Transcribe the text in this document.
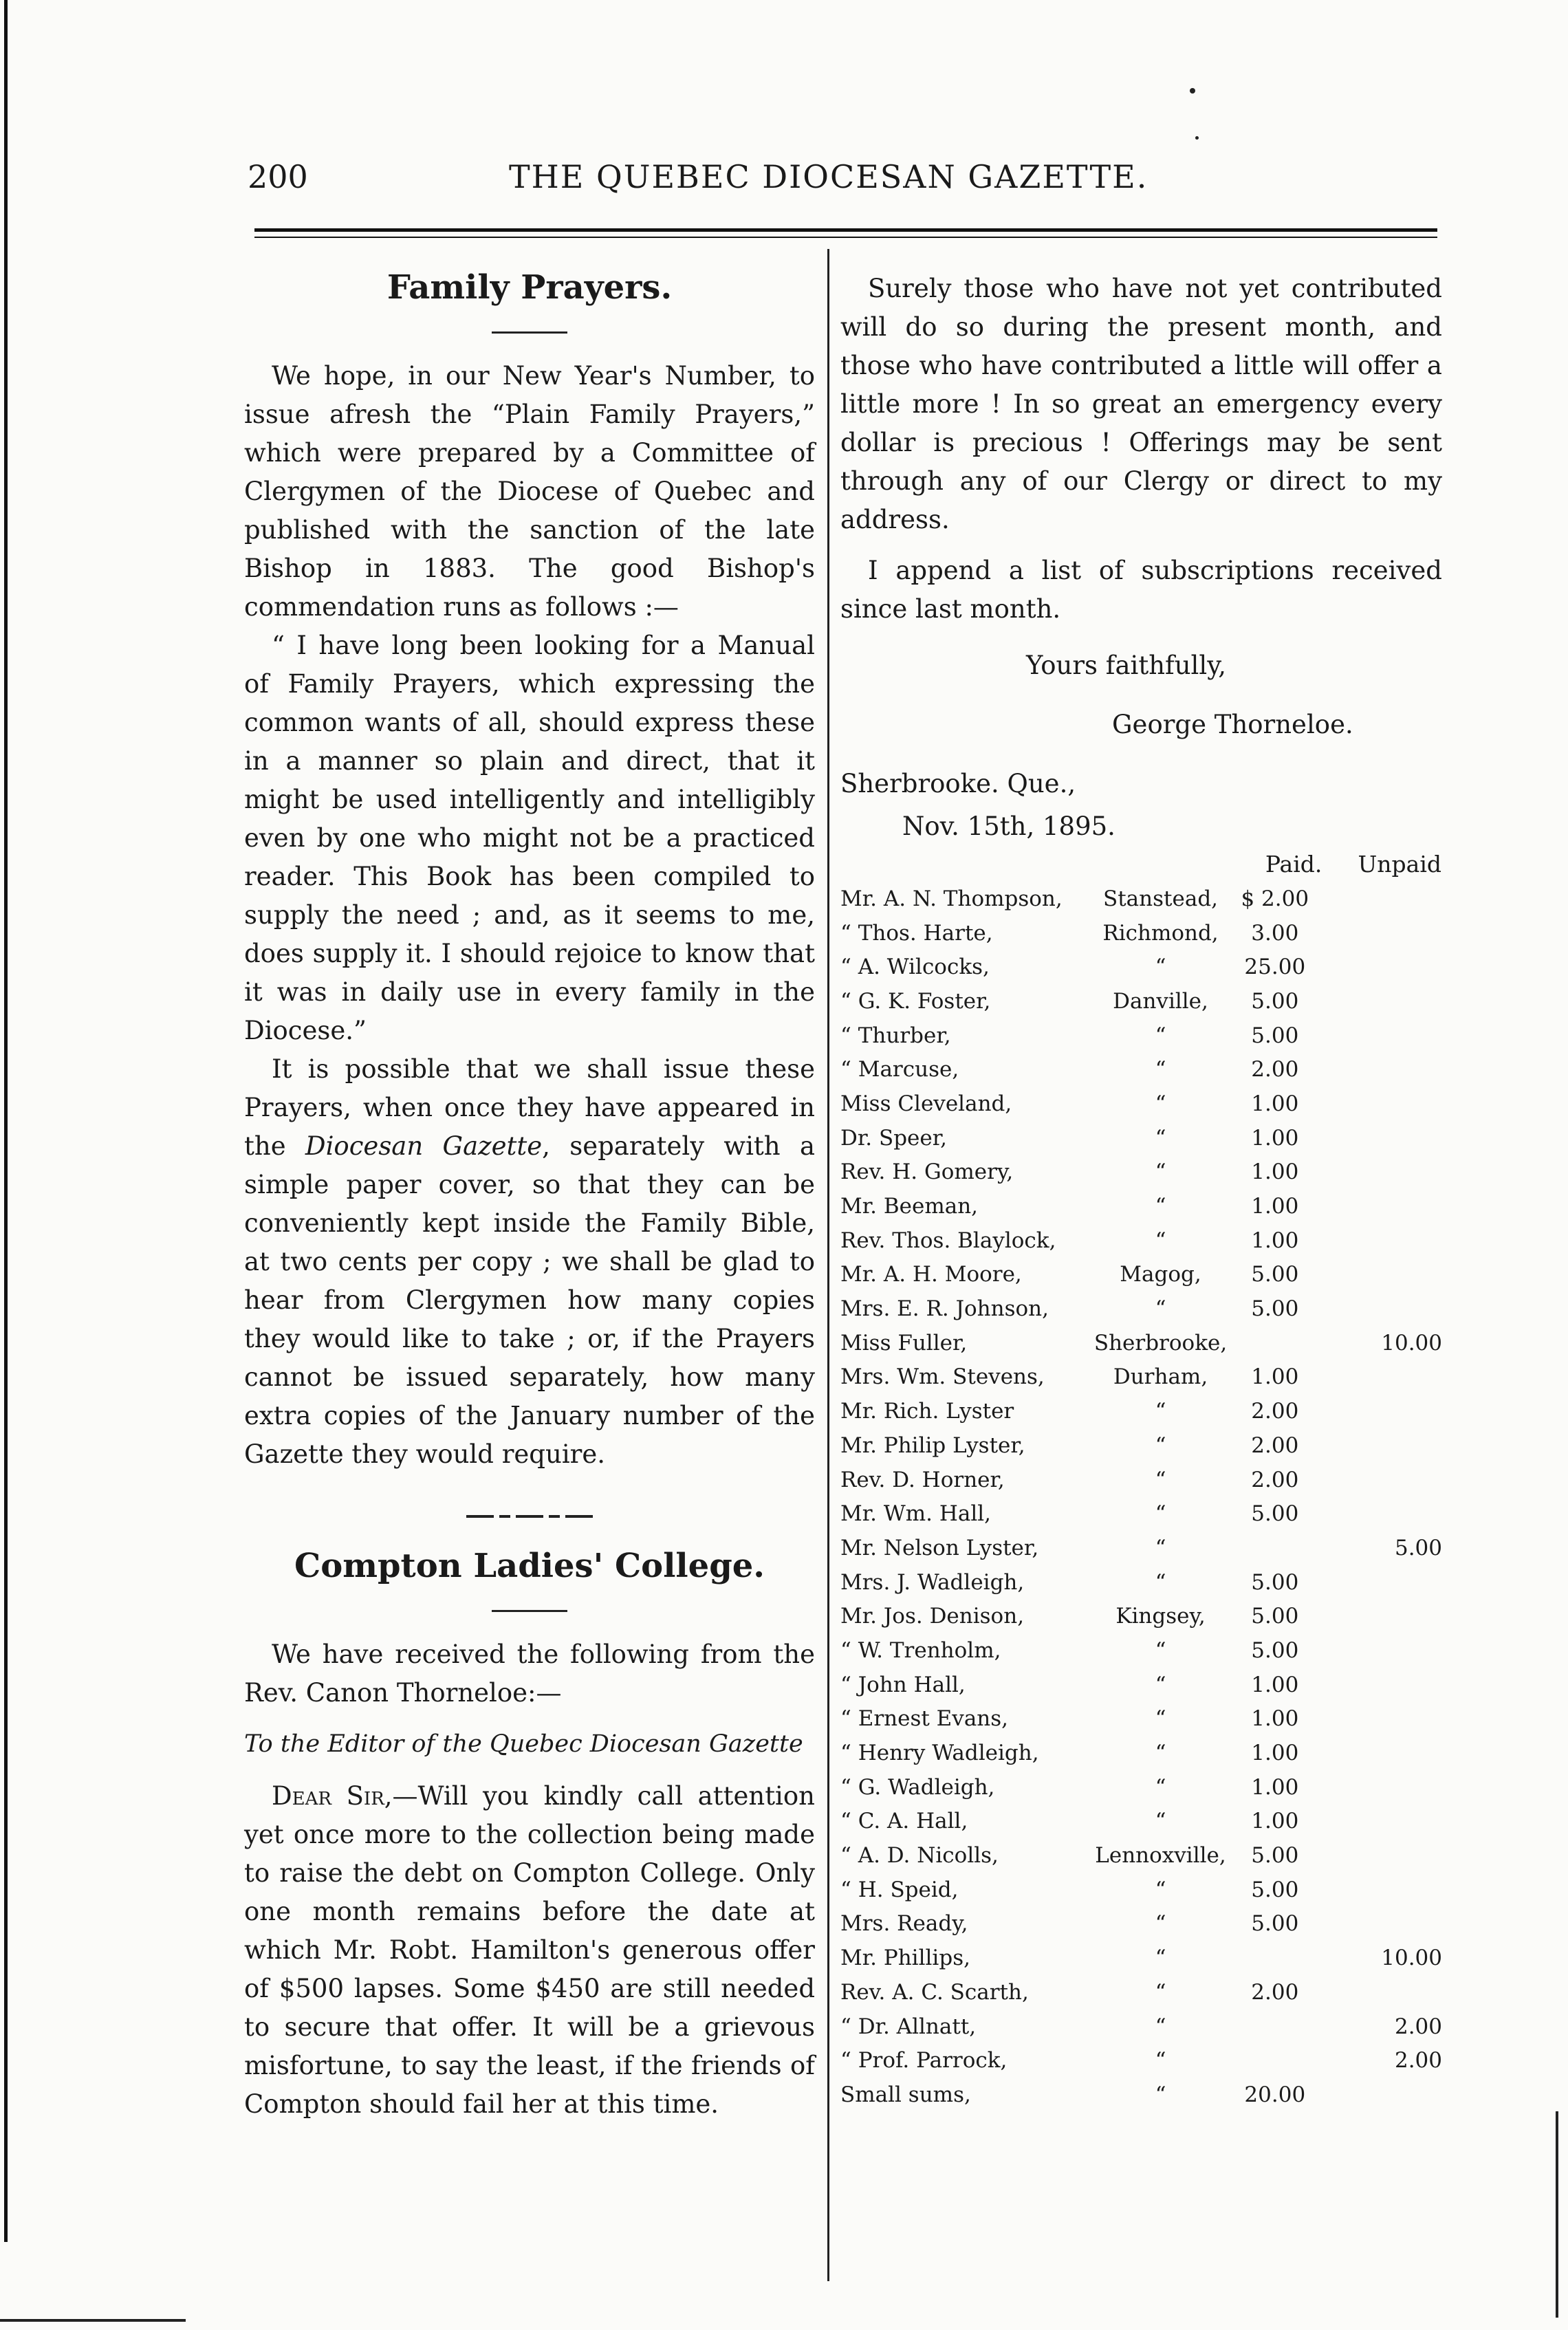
200	THE QUEBEC DIOCESAN GAZETTE.
Family Prayers.

We hope, in our New Year's Number, to issue afresh the “Plain Family Prayers,” which were prepared by a Committee of Clergymen of the Diocese of Quebec and published with the sanction of the late Bishop in 1883. The good Bishop's commendation runs as follows :—

“ I have long been looking for a Manual of Family Prayers, which expressing the common wants of all, should express these in a manner so plain and direct, that it might be used intelligently and intelligibly even by one who might not be a practiced reader. This Book has been compiled to supply the need ; and, as it seems to me, does supply it. I should rejoice to know that it was in daily use in every family in the Diocese.”

It is possible that we shall issue these Prayers, when once they have appeared in the Diocesan Gazette, separately with a simple paper cover, so that they can be conveniently kept inside the Family Bible, at two cents per copy ; we shall be glad to hear from Clergymen how many copies they would like to take ; or, if the Prayers cannot be issued separately, how many extra copies of the January number of the Gazette they would require.

Compton Ladies' College.

We have received the following from the Rev. Canon Thorneloe:—

To the Editor of the Quebec Diocesan Gazette

Dear Sir,—Will you kindly call attention yet once more to the collection being made to raise the debt on Compton College. Only one month remains before the date at which Mr. Robt. Hamilton's generous offer of $500 lapses. Some $450 are still needed to secure that offer. It will be a grievous misfortune, to say the least, if the friends of Compton should fail her at this time.

Surely those who have not yet contributed will do so during the present month, and those who have contributed a little will offer a little more ! In so great an emergency every dollar is precious ! Offerings may be sent through any of our Clergy or direct to my address.

I append a list of subscriptions received since last month.

Yours faithfully,
George Thorneloe.
Sherbrooke. Que.,
Nov. 15th, 1895.
		Paid.	Unpaid
Mr. A. N. Thompson,	Stanstead,	$ 2.00	
“ Thos. Harte,	Richmond,	3.00	
“ A. Wilcocks,	“	25.00	
“ G. K. Foster,	Danville,	5.00	
“ Thurber,	“	5.00	
“ Marcuse,	“	2.00	
Miss Cleveland,	“	1.00	
Dr. Speer,	“	1.00	
Rev. H. Gomery,	“	1.00	
Mr. Beeman,	“	1.00	
Rev. Thos. Blaylock,	“	1.00	
Mr. A. H. Moore,	Magog,	5.00	
Mrs. E. R. Johnson,	“	5.00	
Miss Fuller,	Sherbrooke,		10.00
Mrs. Wm. Stevens,	Durham,	1.00	
Mr. Rich. Lyster	“	2.00	
Mr. Philip Lyster,	“	2.00	
Rev. D. Horner,	“	2.00	
Mr. Wm. Hall,	“	5.00	
Mr. Nelson Lyster,	“		5.00
Mrs. J. Wadleigh,	“	5.00	
Mr. Jos. Denison,	Kingsey,	5.00	
“ W. Trenholm,	“	5.00	
“ John Hall,	“	1.00	
“ Ernest Evans,	“	1.00	
“ Henry Wadleigh,	“	1.00	
“ G. Wadleigh,	“	1.00	
“ C. A. Hall,	“	1.00	
“ A. D. Nicolls,	Lennoxville,	5.00	
“ H. Speid,	“	5.00	
Mrs. Ready,	“	5.00	
Mr. Phillips,	“		10.00
Rev. A. C. Scarth,	“	2.00	
“ Dr. Allnatt,	“		2.00
“ Prof. Parrock,	“		2.00
Small sums,	“	20.00	
